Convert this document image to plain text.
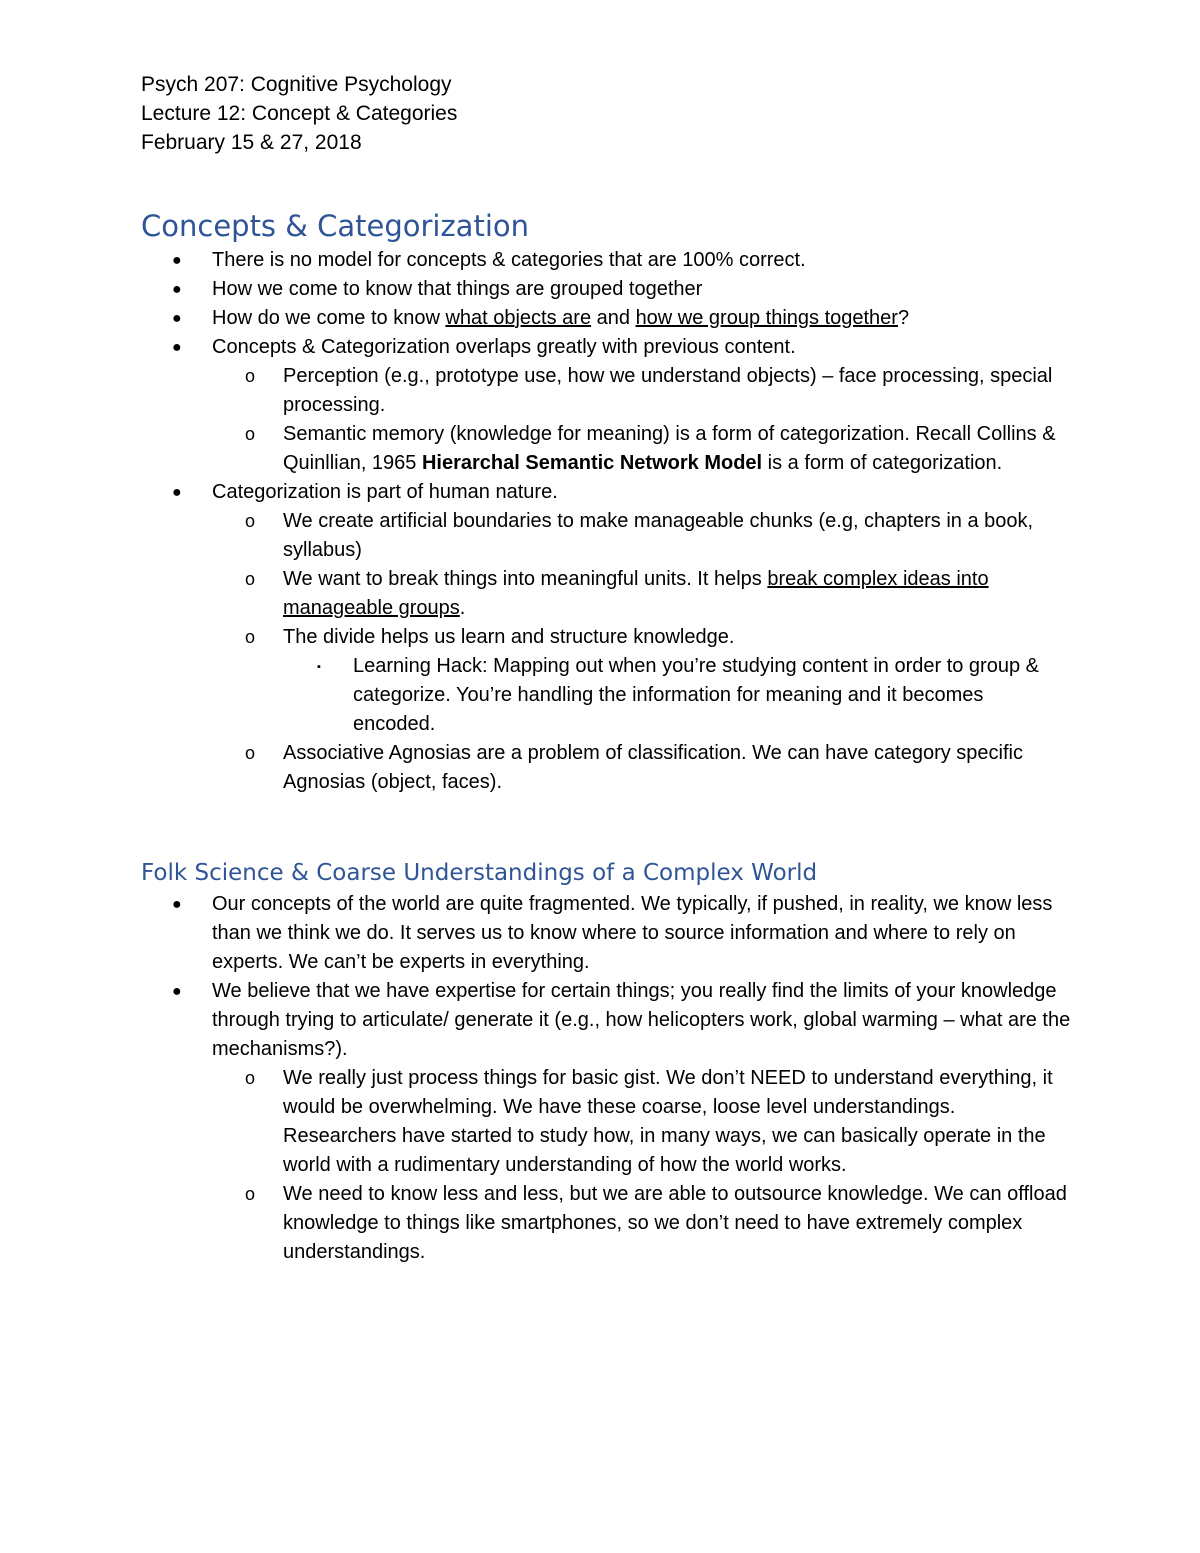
Psych 207: Cognitive Psychology
Lecture 12: Concept & Categories
February 15 & 27, 2018
Concepts & Categorization
● There is no model for concepts & categories that are 100% correct.
● How we come to know that things are grouped together
● How do we come to know what objects are and how we group things together?
● Concepts & Categorization overlaps greatly with previous content.
o Perception (e.g., prototype use, how we understand objects) – face processing, special processing.
o Semantic memory (knowledge for meaning) is a form of categorization. Recall Collins & Quinllian, 1965 Hierarchal Semantic Network Model is a form of categorization.
● Categorization is part of human nature.
o We create artificial boundaries to make manageable chunks (e.g, chapters in a book, syllabus)
o We want to break things into meaningful units. It helps break complex ideas into manageable groups.
o The divide helps us learn and structure knowledge.
▪ Learning Hack: Mapping out when you’re studying content in order to group & categorize. You’re handling the information for meaning and it becomes encoded.
o Associative Agnosias are a problem of classification. We can have category specific Agnosias (object, faces).
Folk Science & Coarse Understandings of a Complex World
● Our concepts of the world are quite fragmented. We typically, if pushed, in reality, we know less than we think we do. It serves us to know where to source information and where to rely on experts. We can’t be experts in everything.
● We believe that we have expertise for certain things; you really find the limits of your knowledge through trying to articulate/ generate it (e.g., how helicopters work, global warming – what are the mechanisms?).
o We really just process things for basic gist. We don’t NEED to understand everything, it would be overwhelming. We have these coarse, loose level understandings. Researchers have started to study how, in many ways, we can basically operate in the world with a rudimentary understanding of how the world works.
o We need to know less and less, but we are able to outsource knowledge. We can offload knowledge to things like smartphones, so we don’t need to have extremely complex understandings.
